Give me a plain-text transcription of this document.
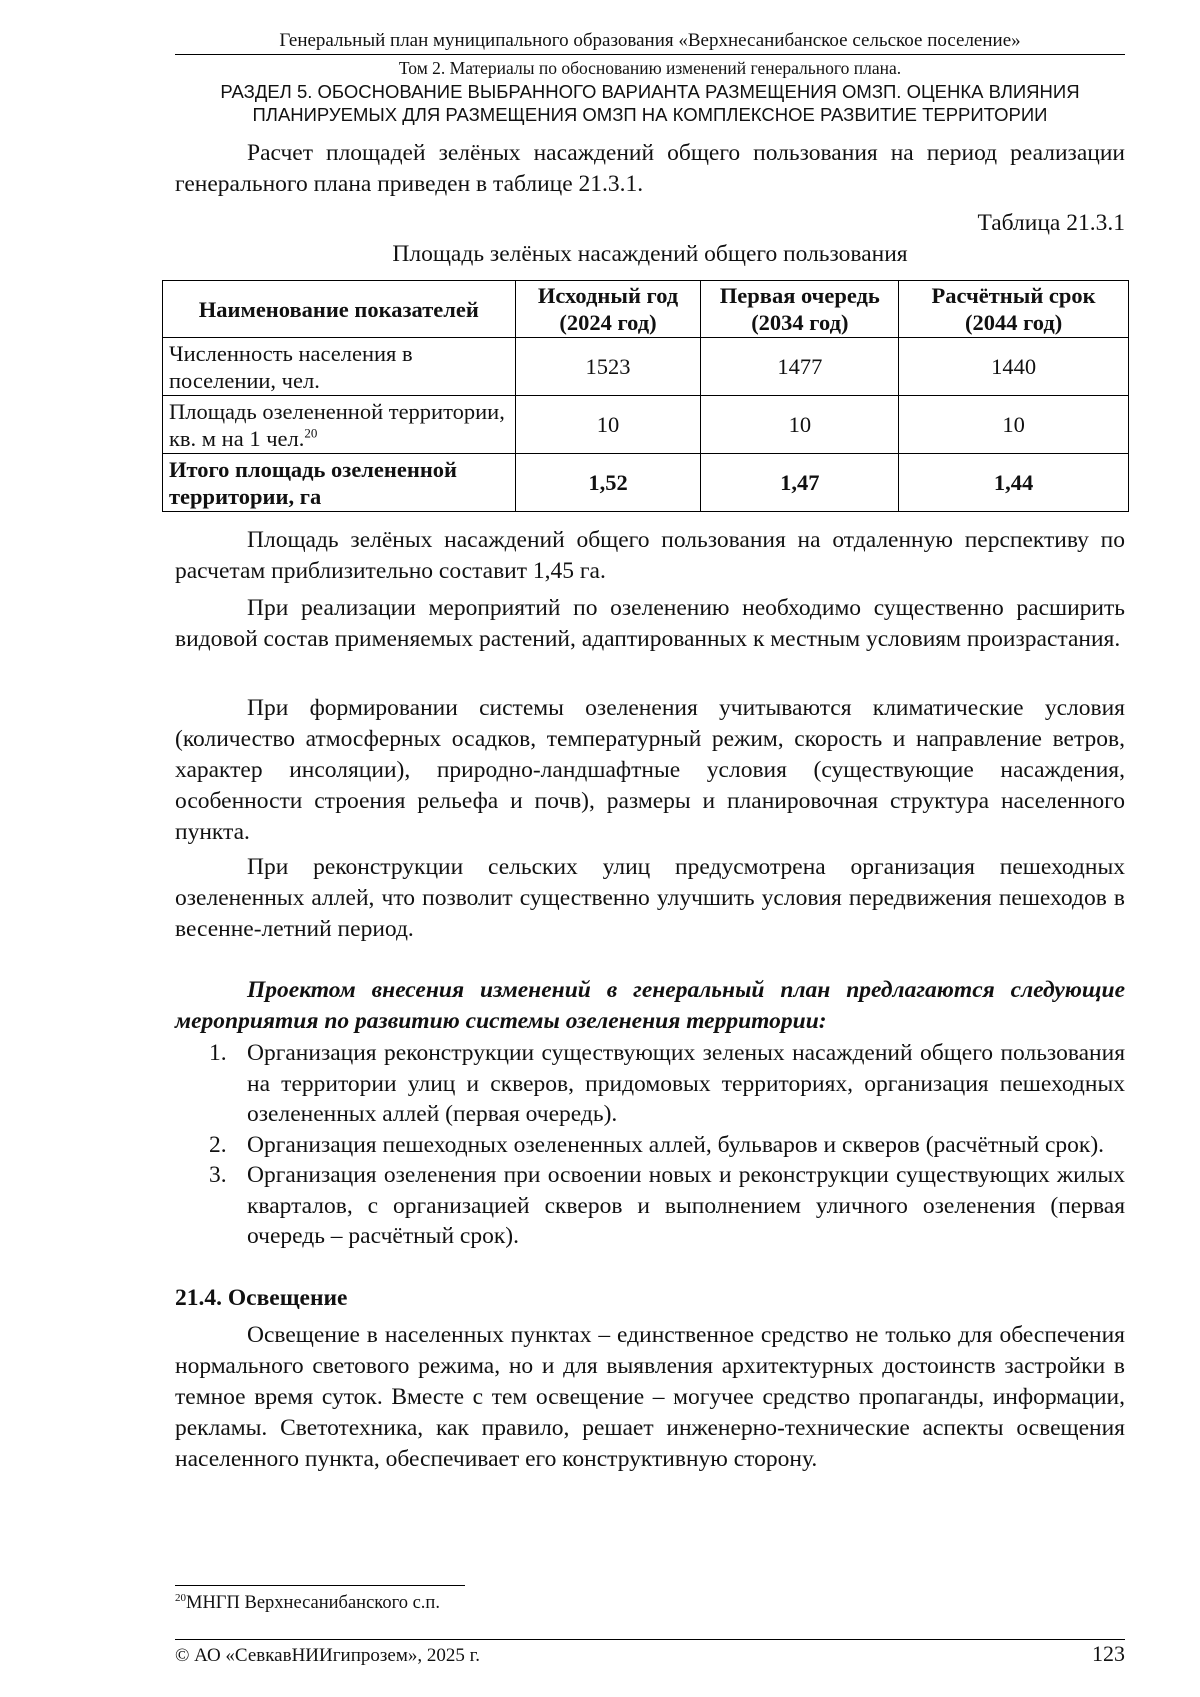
Генеральный план муниципального образования «Верхнесанибанское сельское поселение»
Том 2. Материалы по обоснованию изменений генерального плана.
РАЗДЕЛ 5. ОБОСНОВАНИЕ ВЫБРАННОГО ВАРИАНТА РАЗМЕЩЕНИЯ ОМЗП. ОЦЕНКА ВЛИЯНИЯ ПЛАНИРУЕМЫХ ДЛЯ РАЗМЕЩЕНИЯ ОМЗП НА КОМПЛЕКСНОЕ РАЗВИТИЕ ТЕРРИТОРИИ

Расчет площадей зелёных насаждений общего пользования на период реализации генерального плана приведен в таблице 21.3.1.

Таблица 21.3.1
Площадь зелёных насаждений общего пользования
Наименование показателей	Исходный год (2024 год)	Первая очередь (2034 год)	Расчётный срок (2044 год)
Численность населения в поселении, чел.	1523	1477	1440
Площадь озелененной территории, кв. м на 1 чел.$^{20}$	10	10	10
Итого площадь озелененной территории, га	1,52	1,47	1,44

Площадь зелёных насаждений общего пользования на отдаленную перспективу по расчетам приблизительно составит 1,45 га.

При реализации мероприятий по озеленению необходимо существенно расширить видовой состав применяемых растений, адаптированных к местным условиям произрастания.

При формировании системы озеленения учитываются климатические условия (количество атмосферных осадков, температурный режим, скорость и направление ветров, характер инсоляции), природно-ландшафтные условия (существующие насаждения, особенности строения рельефа и почв), размеры и планировочная структура населенного пункта.

При реконструкции сельских улиц предусмотрена организация пешеходных озелененных аллей, что позволит существенно улучшить условия передвижения пешеходов в весенне-летний период.

Проектом внесения изменений в генеральный план предлагаются следующие мероприятия по развитию системы озеленения территории:

1. Организация реконструкции существующих зеленых насаждений общего пользования на территории улиц и скверов, придомовых территориях, организация пешеходных озелененных аллей (первая очередь).
2. Организация пешеходных озелененных аллей, бульваров и скверов (расчётный срок).
3. Организация озеленения при освоении новых и реконструкции существующих жилых кварталов, с организацией скверов и выполнением уличного озеленения (первая очередь – расчётный срок).
21.4. Освещение

Освещение в населенных пунктах – единственное средство не только для обеспечения нормального светового режима, но и для выявления архитектурных достоинств застройки в темное время суток. Вместе с тем освещение – могучее средство пропаганды, информации, рекламы. Светотехника, как правило, решает инженерно-технические аспекты освещения населенного пункта, обеспечивает его конструктивную сторону.

$^{20}$МНГП Верхнесанибанского с.п.
© АО «СевкавНИИгипрозем», 2025 г.	123
